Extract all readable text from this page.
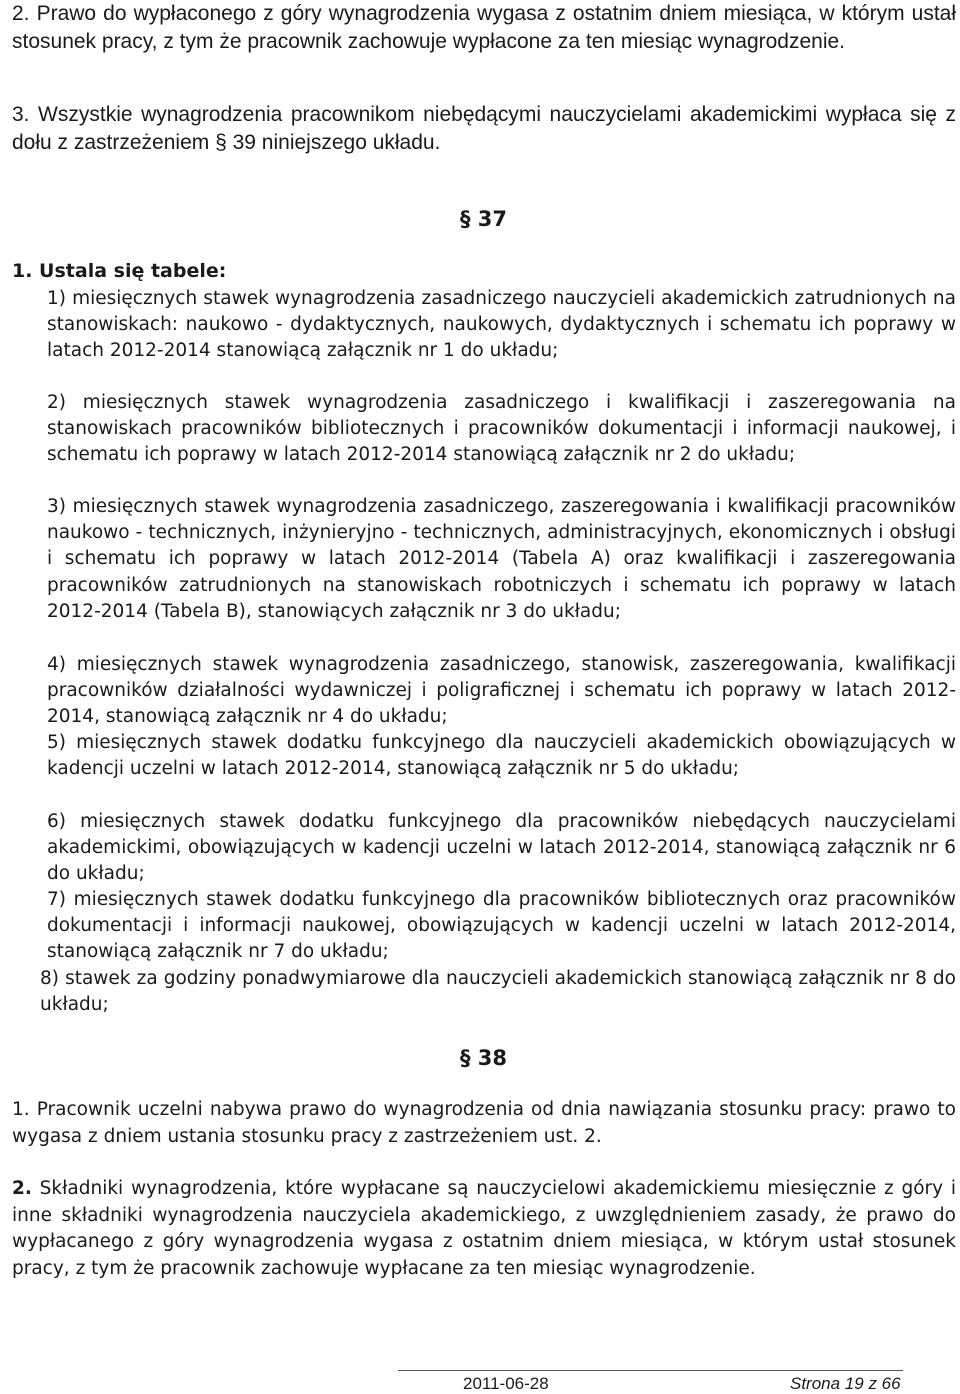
2. Prawo do wypłaconego z góry wynagrodzenia wygasa z ostatnim dniem miesiąca, w którym ustał stosunek pracy, z tym że pracownik zachowuje wypłacone za ten miesiąc wynagrodzenie.
3. Wszystkie wynagrodzenia pracownikom niebędącymi nauczycielami akademickimi wypłaca się z dołu z zastrzeżeniem § 39 niniejszego układu.
§ 37
1. Ustala się tabele:
1) miesięcznych stawek wynagrodzenia zasadniczego nauczycieli akademickich zatrudnionych na stanowiskach: naukowo - dydaktycznych, naukowych, dydaktycznych i schematu ich poprawy w latach 2012-2014 stanowiącą załącznik nr 1 do układu;
2) miesięcznych stawek wynagrodzenia zasadniczego i kwalifikacji i zaszeregowania na stanowiskach pracowników bibliotecznych i pracowników dokumentacji i informacji naukowej, i schematu ich poprawy w latach 2012-2014 stanowiącą załącznik nr 2 do układu;
3) miesięcznych stawek wynagrodzenia zasadniczego, zaszeregowania i kwalifikacji pracowników naukowo - technicznych, inżynieryjno - technicznych, administracyjnych, ekonomicznych i obsługi i schematu ich poprawy w latach 2012-2014 (Tabela A) oraz kwalifikacji i zaszeregowania pracowników zatrudnionych na stanowiskach robotniczych i schematu ich poprawy w latach 2012-2014 (Tabela B), stanowiących załącznik nr 3 do układu;
4) miesięcznych stawek wynagrodzenia zasadniczego, stanowisk, zaszeregowania, kwalifikacji pracowników działalności wydawniczej i poligraficznej i schematu ich poprawy w latach 2012-2014, stanowiącą załącznik nr 4 do układu;
5) miesięcznych stawek dodatku funkcyjnego dla nauczycieli akademickich obowiązujących w kadencji uczelni w latach 2012-2014, stanowiącą załącznik nr 5 do układu;
6) miesięcznych stawek dodatku funkcyjnego dla pracowników niebędących nauczycielami akademickimi, obowiązujących w kadencji uczelni w latach 2012-2014, stanowiącą załącznik nr 6 do układu;
7) miesięcznych stawek dodatku funkcyjnego dla pracowników bibliotecznych oraz pracowników dokumentacji i informacji naukowej, obowiązujących w kadencji uczelni w latach 2012-2014, stanowiącą załącznik nr 7 do układu;
8) stawek za godziny ponadwymiarowe dla nauczycieli akademickich stanowiącą załącznik nr 8 do układu;
§ 38
1. Pracownik uczelni nabywa prawo do wynagrodzenia od dnia nawiązania stosunku pracy: prawo to wygasa z dniem ustania stosunku pracy z zastrzeżeniem ust. 2.
2. Składniki wynagrodzenia, które wypłacane są nauczycielowi akademickiemu miesięcznie z góry i inne składniki wynagrodzenia nauczyciela akademickiego, z uwzględnieniem zasady, że prawo do wypłacanego z góry wynagrodzenia wygasa z ostatnim dniem miesiąca, w którym ustał stosunek pracy, z tym że pracownik zachowuje wypłacane za ten miesiąc wynagrodzenie.
2011-06-28	Strona 19 z 66
